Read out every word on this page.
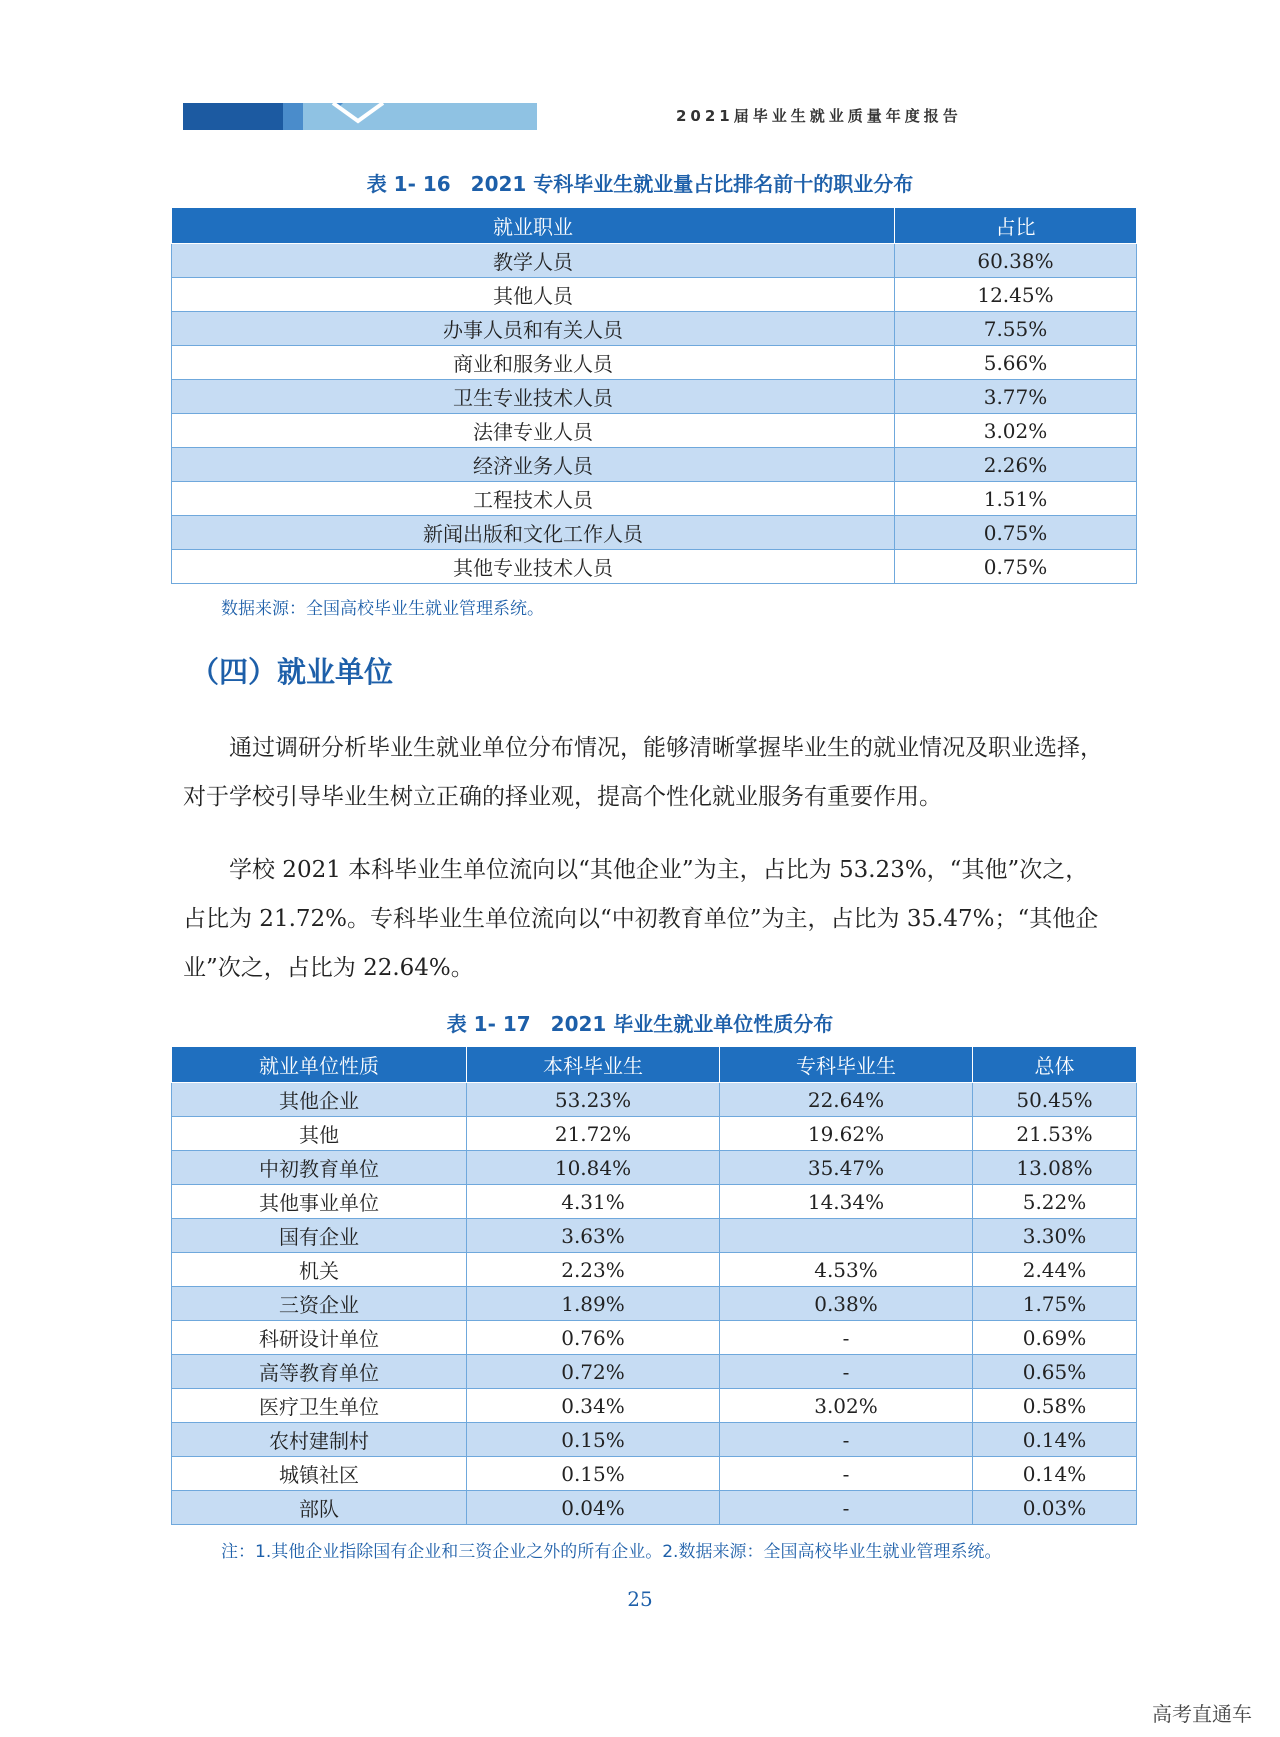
2021届毕业生就业质量年度报告
表 1- 16　2021 专科毕业生就业量占比排名前十的职业分布
就业职业	占比
教学人员	60.38%
其他人员	12.45%
办事人员和有关人员	7.55%
商业和服务业人员	5.66%
卫生专业技术人员	3.77%
法律专业人员	3.02%
经济业务人员	2.26%
工程技术人员	1.51%
新闻出版和文化工作人员	0.75%
其他专业技术人员	0.75%
数据来源：全国高校毕业生就业管理系统。
（四）就业单位
通过调研分析毕业生就业单位分布情况，能够清晰掌握毕业生的就业情况及职业选择，对于学校引导毕业生树立正确的择业观，提高个性化就业服务有重要作用。
学校 2021 本科毕业生单位流向以“其他企业”为主，占比为 53.23%，“其他”次之，占比为 21.72%。专科毕业生单位流向以“中初教育单位”为主，占比为 35.47%；“其他企业”次之，占比为 22.64%。
表 1- 17　2021 毕业生就业单位性质分布
就业单位性质	本科毕业生	专科毕业生	总体
其他企业	53.23%	22.64%	50.45%
其他	21.72%	19.62%	21.53%
中初教育单位	10.84%	35.47%	13.08%
其他事业单位	4.31%	14.34%	5.22%
国有企业	3.63%		3.30%
机关	2.23%	4.53%	2.44%
三资企业	1.89%	0.38%	1.75%
科研设计单位	0.76%	-	0.69%
高等教育单位	0.72%	-	0.65%
医疗卫生单位	0.34%	3.02%	0.58%
农村建制村	0.15%	-	0.14%
城镇社区	0.15%	-	0.14%
部队	0.04%	-	0.03%
注：1.其他企业指除国有企业和三资企业之外的所有企业。2.数据来源：全国高校毕业生就业管理系统。
25
高考直通车
